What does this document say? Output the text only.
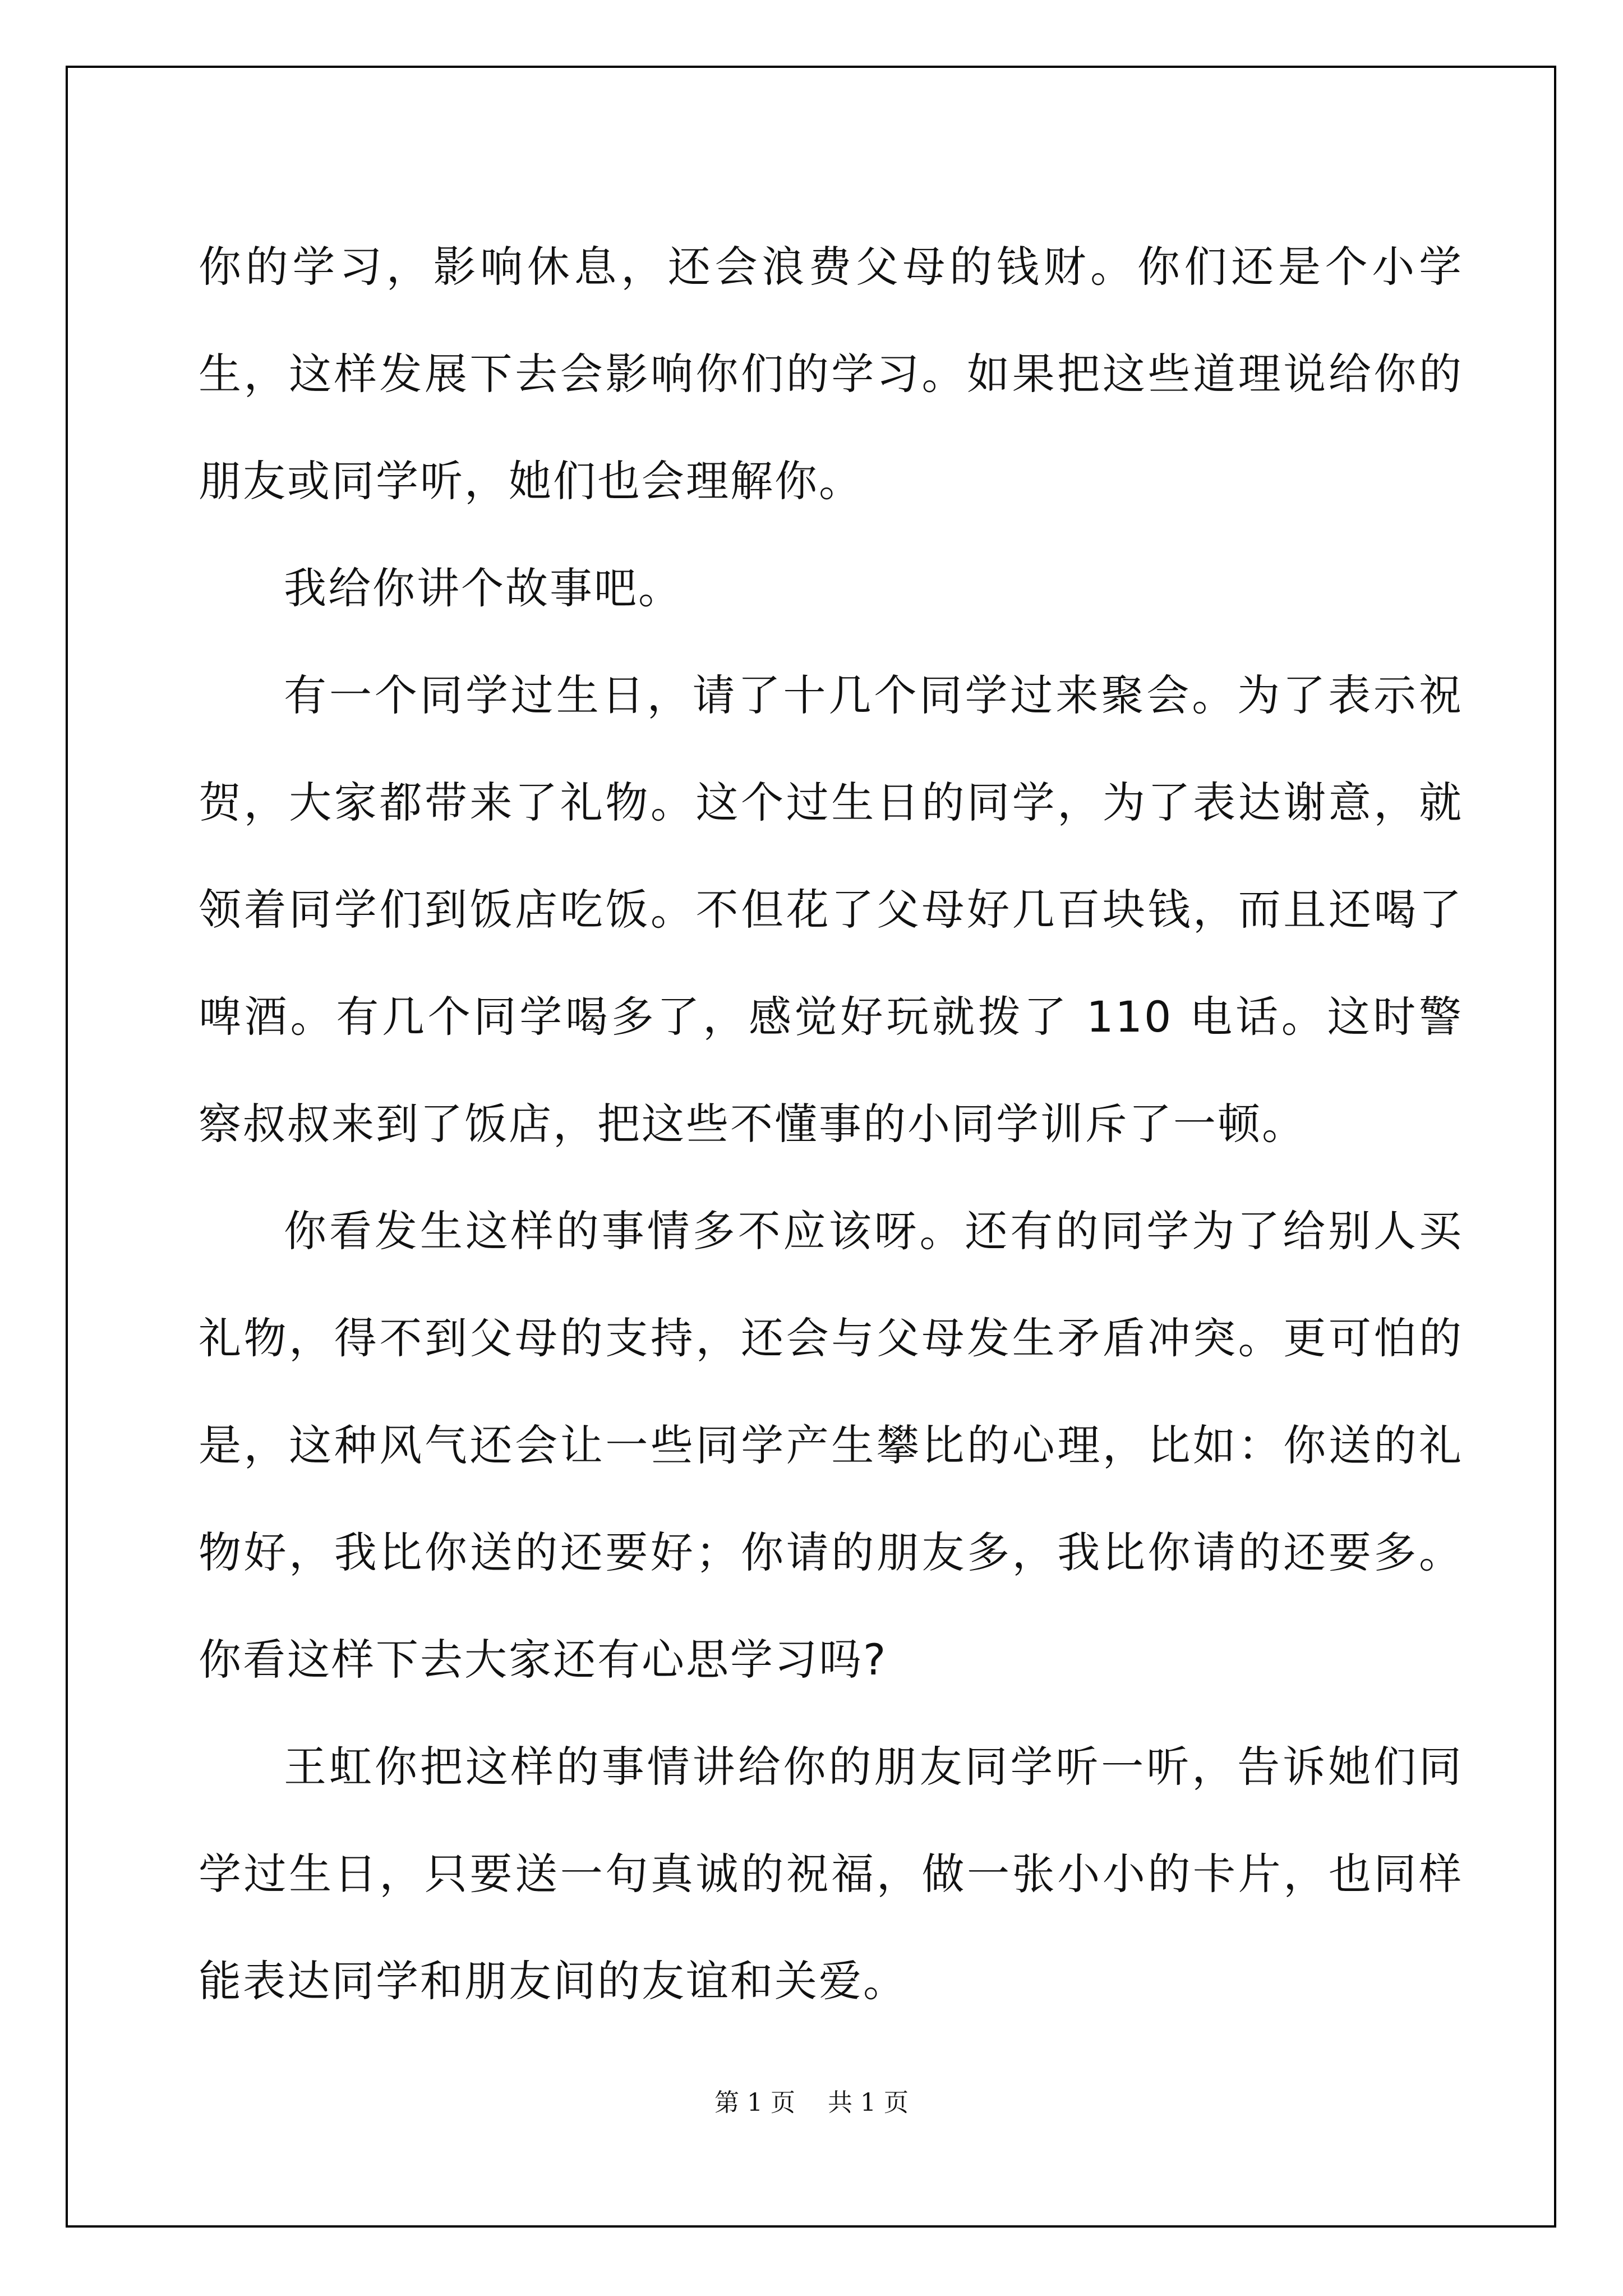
你的学习，影响休息，还会浪费父母的钱财。你们还是个小学生，这样发展下去会影响你们的学习。如果把这些道理说给你的朋友或同学听，她们也会理解你。

我给你讲个故事吧。

有一个同学过生日，请了十几个同学过来聚会。为了表示祝贺，大家都带来了礼物。这个过生日的同学，为了表达谢意，就领着同学们到饭店吃饭。不但花了父母好几百块钱，而且还喝了啤酒。有几个同学喝多了，感觉好玩就拨了 110 电话。这时警察叔叔来到了饭店，把这些不懂事的小同学训斥了一顿。

你看发生这样的事情多不应该呀。还有的同学为了给别人买礼物，得不到父母的支持，还会与父母发生矛盾冲突。更可怕的是，这种风气还会让一些同学产生攀比的心理，比如：你送的礼物好，我比你送的还要好；你请的朋友多，我比你请的还要多。你看这样下去大家还有心思学习吗?

王虹你把这样的事情讲给你的朋友同学听一听，告诉她们同学过生日，只要送一句真诚的祝福，做一张小小的卡片，也同样能表达同学和朋友间的友谊和关爱。

第 1 页 共 1 页
